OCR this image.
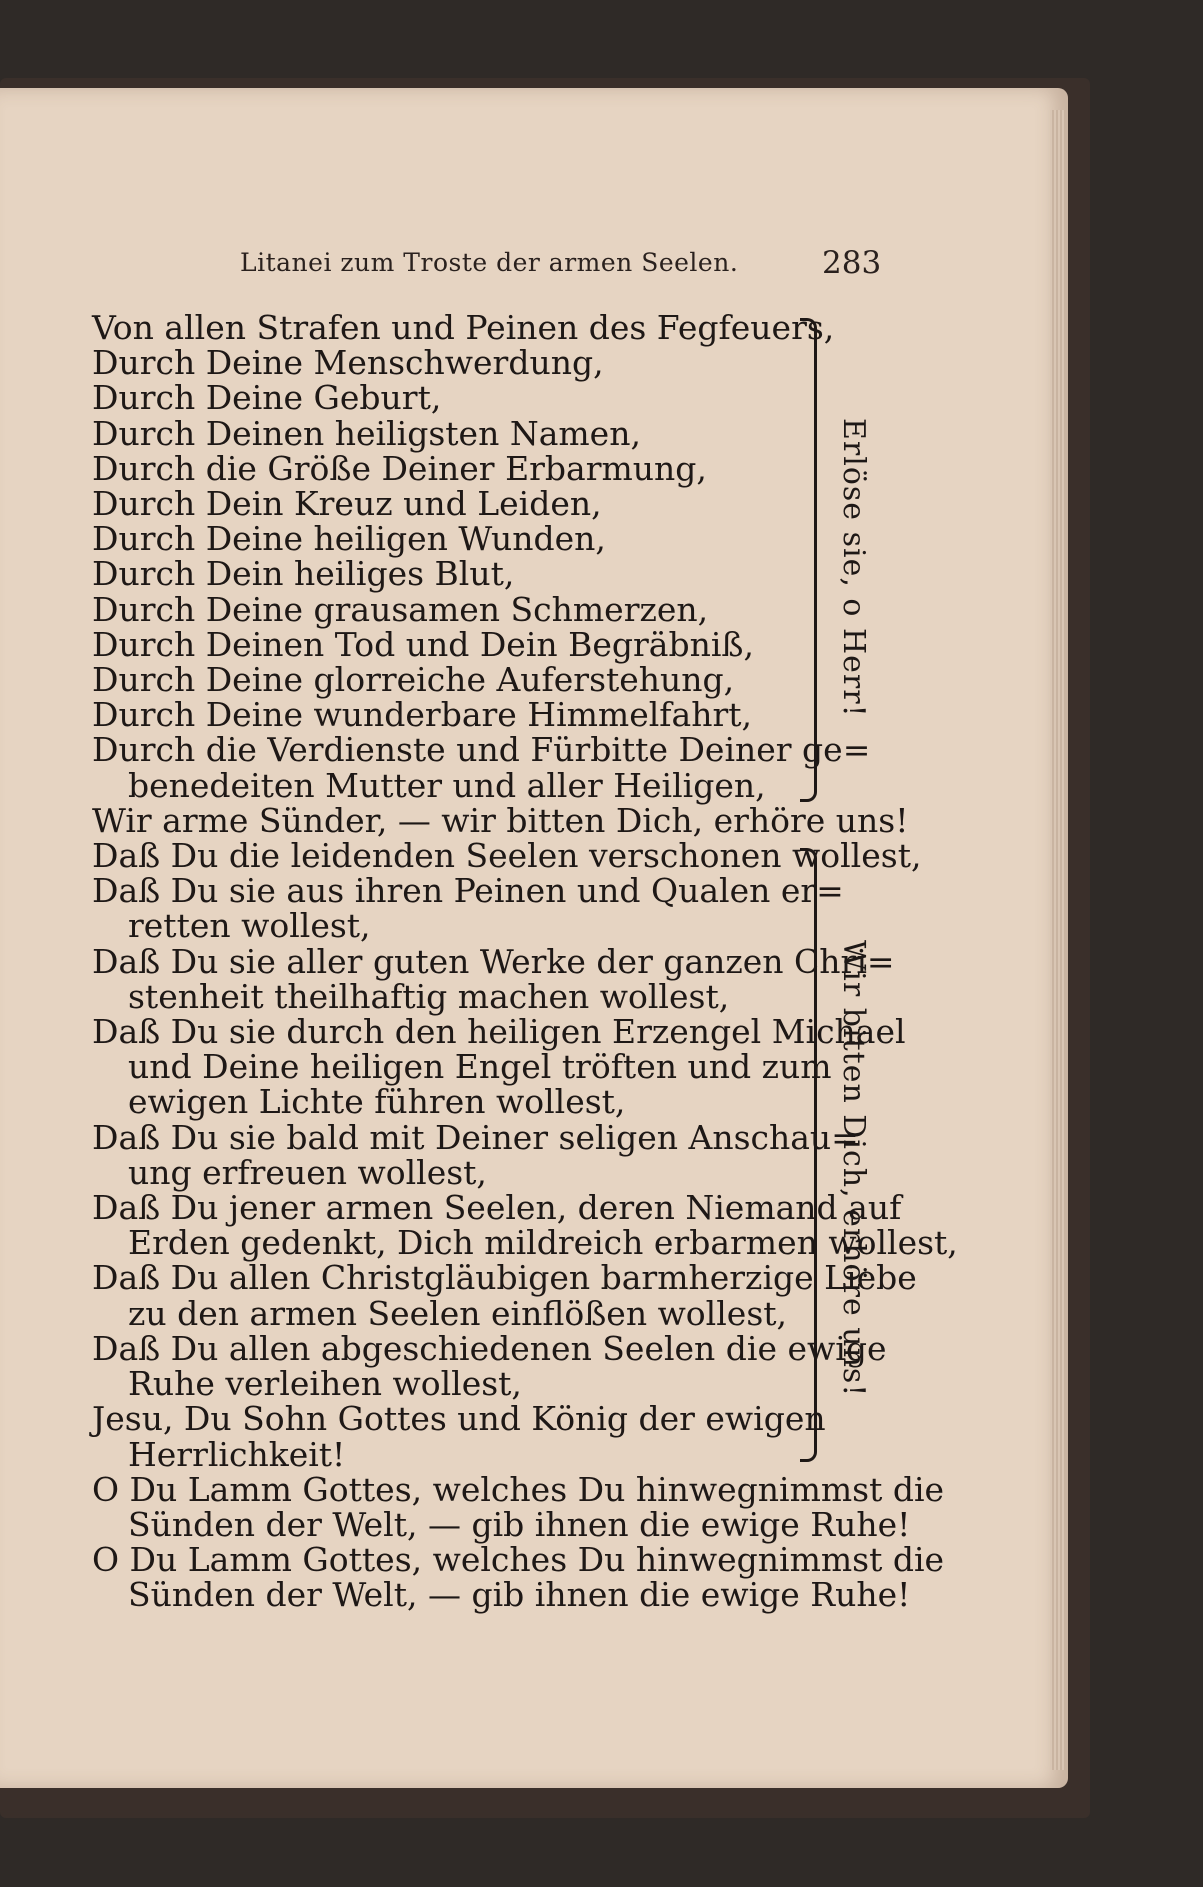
Litanei zum Troste der armen Seelen.	283
Von allen Strafen und Peinen des Fegfeuers,
Durch Deine Menschwerdung,
Durch Deine Geburt,
Durch Deinen heiligsten Namen,
Durch die Größe Deiner Erbarmung,
Durch Dein Kreuz und Leiden,
Durch Deine heiligen Wunden,
Durch Dein heiliges Blut,
Durch Deine grausamen Schmerzen,
Durch Deinen Tod und Dein Begräbniß,
Durch Deine glorreiche Auferstehung,
Durch Deine wunderbare Himmelfahrt,
Durch die Verdienste und Fürbitte Deiner ge=
benedeiten Mutter und aller Heiligen,
Wir arme Sünder, — wir bitten Dich, erhöre uns!
Daß Du die leidenden Seelen verschonen wollest,
Daß Du sie aus ihren Peinen und Qualen er=
retten wollest,
Daß Du sie aller guten Werke der ganzen Chri=
stenheit theilhaftig machen wollest,
Daß Du sie durch den heiligen Erzengel Michael
und Deine heiligen Engel tröften und zum
ewigen Lichte führen wollest,
Daß Du sie bald mit Deiner seligen Anschau=
ung erfreuen wollest,
Daß Du jener armen Seelen, deren Niemand auf
Erden gedenkt, Dich mildreich erbarmen wollest,
Daß Du allen Christgläubigen barmherzige Liebe
zu den armen Seelen einflößen wollest,
Daß Du allen abgeschiedenen Seelen die ewige
Ruhe verleihen wollest,
Jesu, Du Sohn Gottes und König der ewigen
Herrlichkeit!
O Du Lamm Gottes, welches Du hinwegnimmst die
Sünden der Welt, — gib ihnen die ewige Ruhe!
O Du Lamm Gottes, welches Du hinwegnimmst die
Sünden der Welt, — gib ihnen die ewige Ruhe!
Erlöse sie, o Herr!
Wir bitten Dich, erhöre uns!
